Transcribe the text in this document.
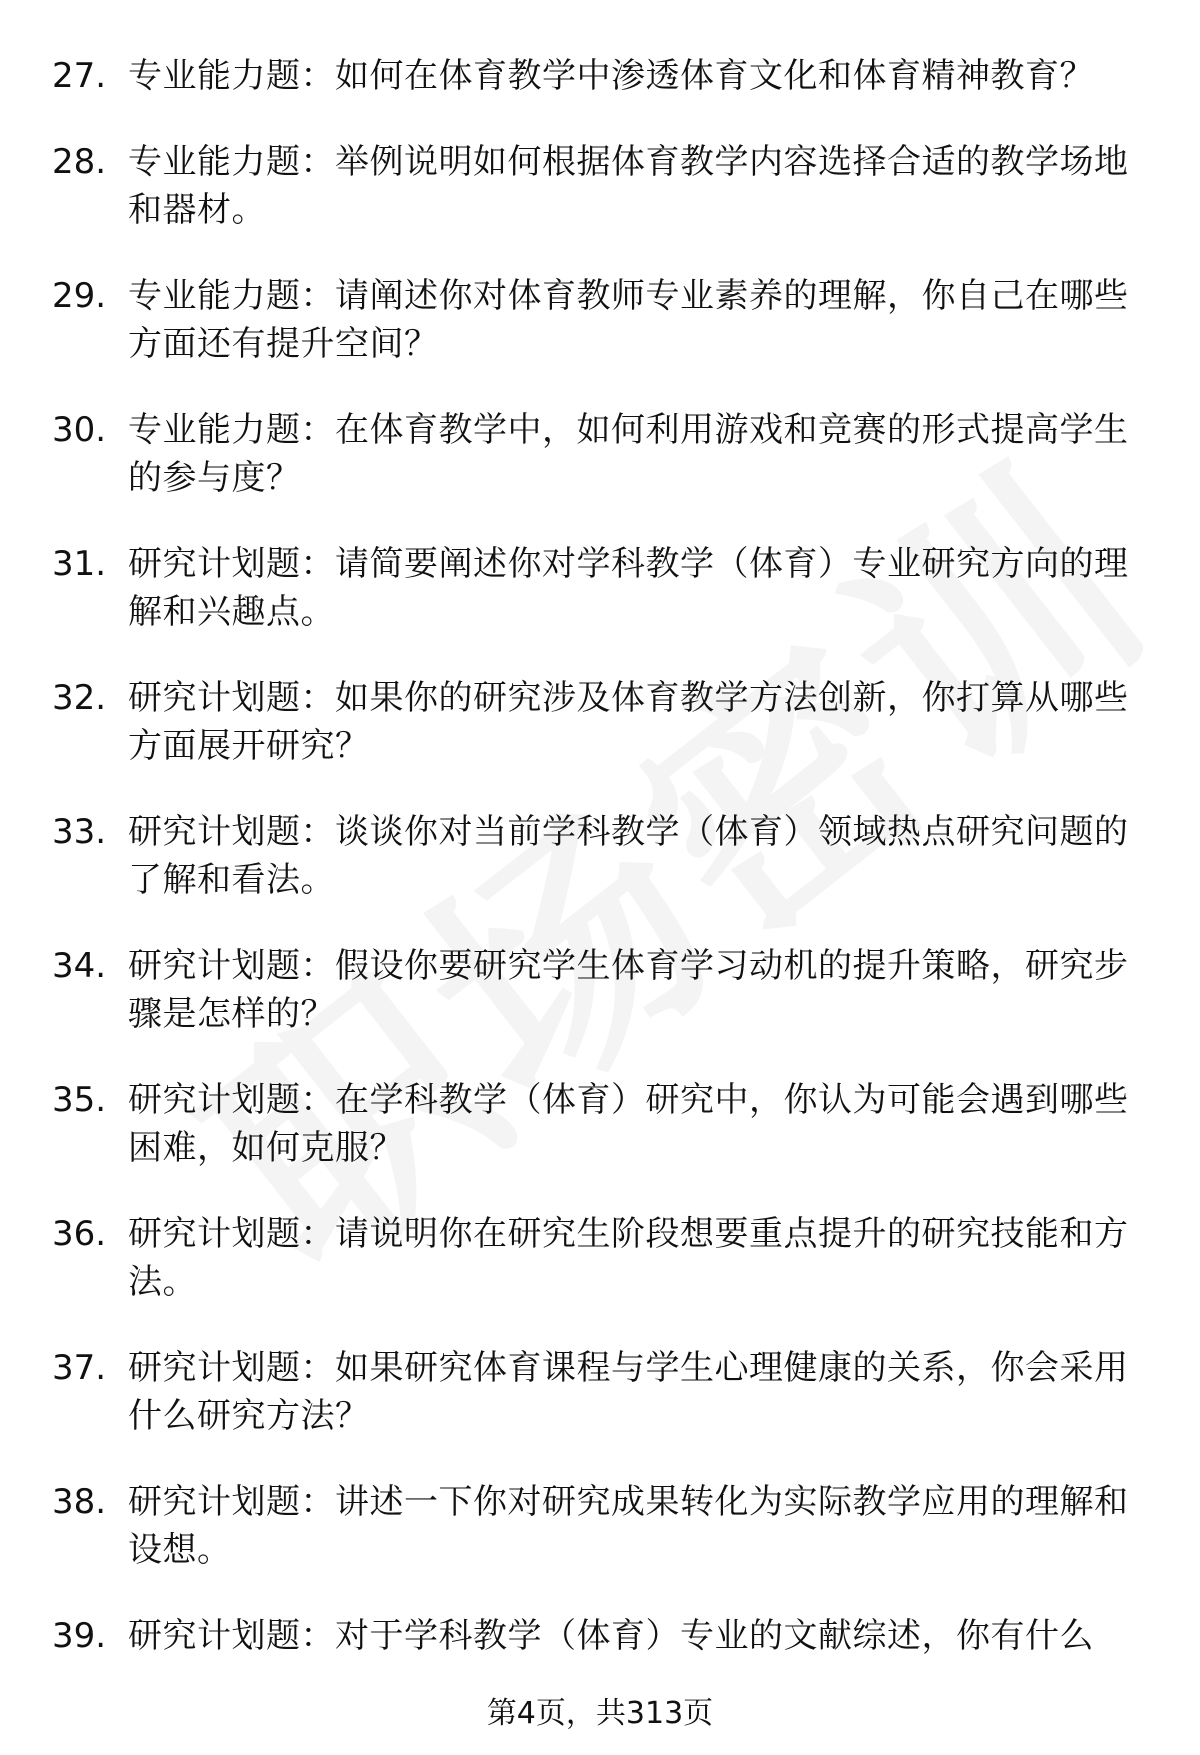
27. 专业能力题：如何在体育教学中渗透体育文化和体育精神教育？
28. 专业能力题：举例说明如何根据体育教学内容选择合适的教学场地和器材。
29. 专业能力题：请阐述你对体育教师专业素养的理解，你自己在哪些方面还有提升空间？
30. 专业能力题：在体育教学中，如何利用游戏和竞赛的形式提高学生的参与度？
31. 研究计划题：请简要阐述你对学科教学（体育）专业研究方向的理解和兴趣点。
32. 研究计划题：如果你的研究涉及体育教学方法创新，你打算从哪些方面展开研究？
33. 研究计划题：谈谈你对当前学科教学（体育）领域热点研究问题的了解和看法。
34. 研究计划题：假设你要研究学生体育学习动机的提升策略，研究步骤是怎样的？
35. 研究计划题：在学科教学（体育）研究中，你认为可能会遇到哪些困难，如何克服？
36. 研究计划题：请说明你在研究生阶段想要重点提升的研究技能和方法。
37. 研究计划题：如果研究体育课程与学生心理健康的关系，你会采用什么研究方法？
38. 研究计划题：讲述一下你对研究成果转化为实际教学应用的理解和设想。
39. 研究计划题：对于学科教学（体育）专业的文献综述，你有什么
第4页，共313页
